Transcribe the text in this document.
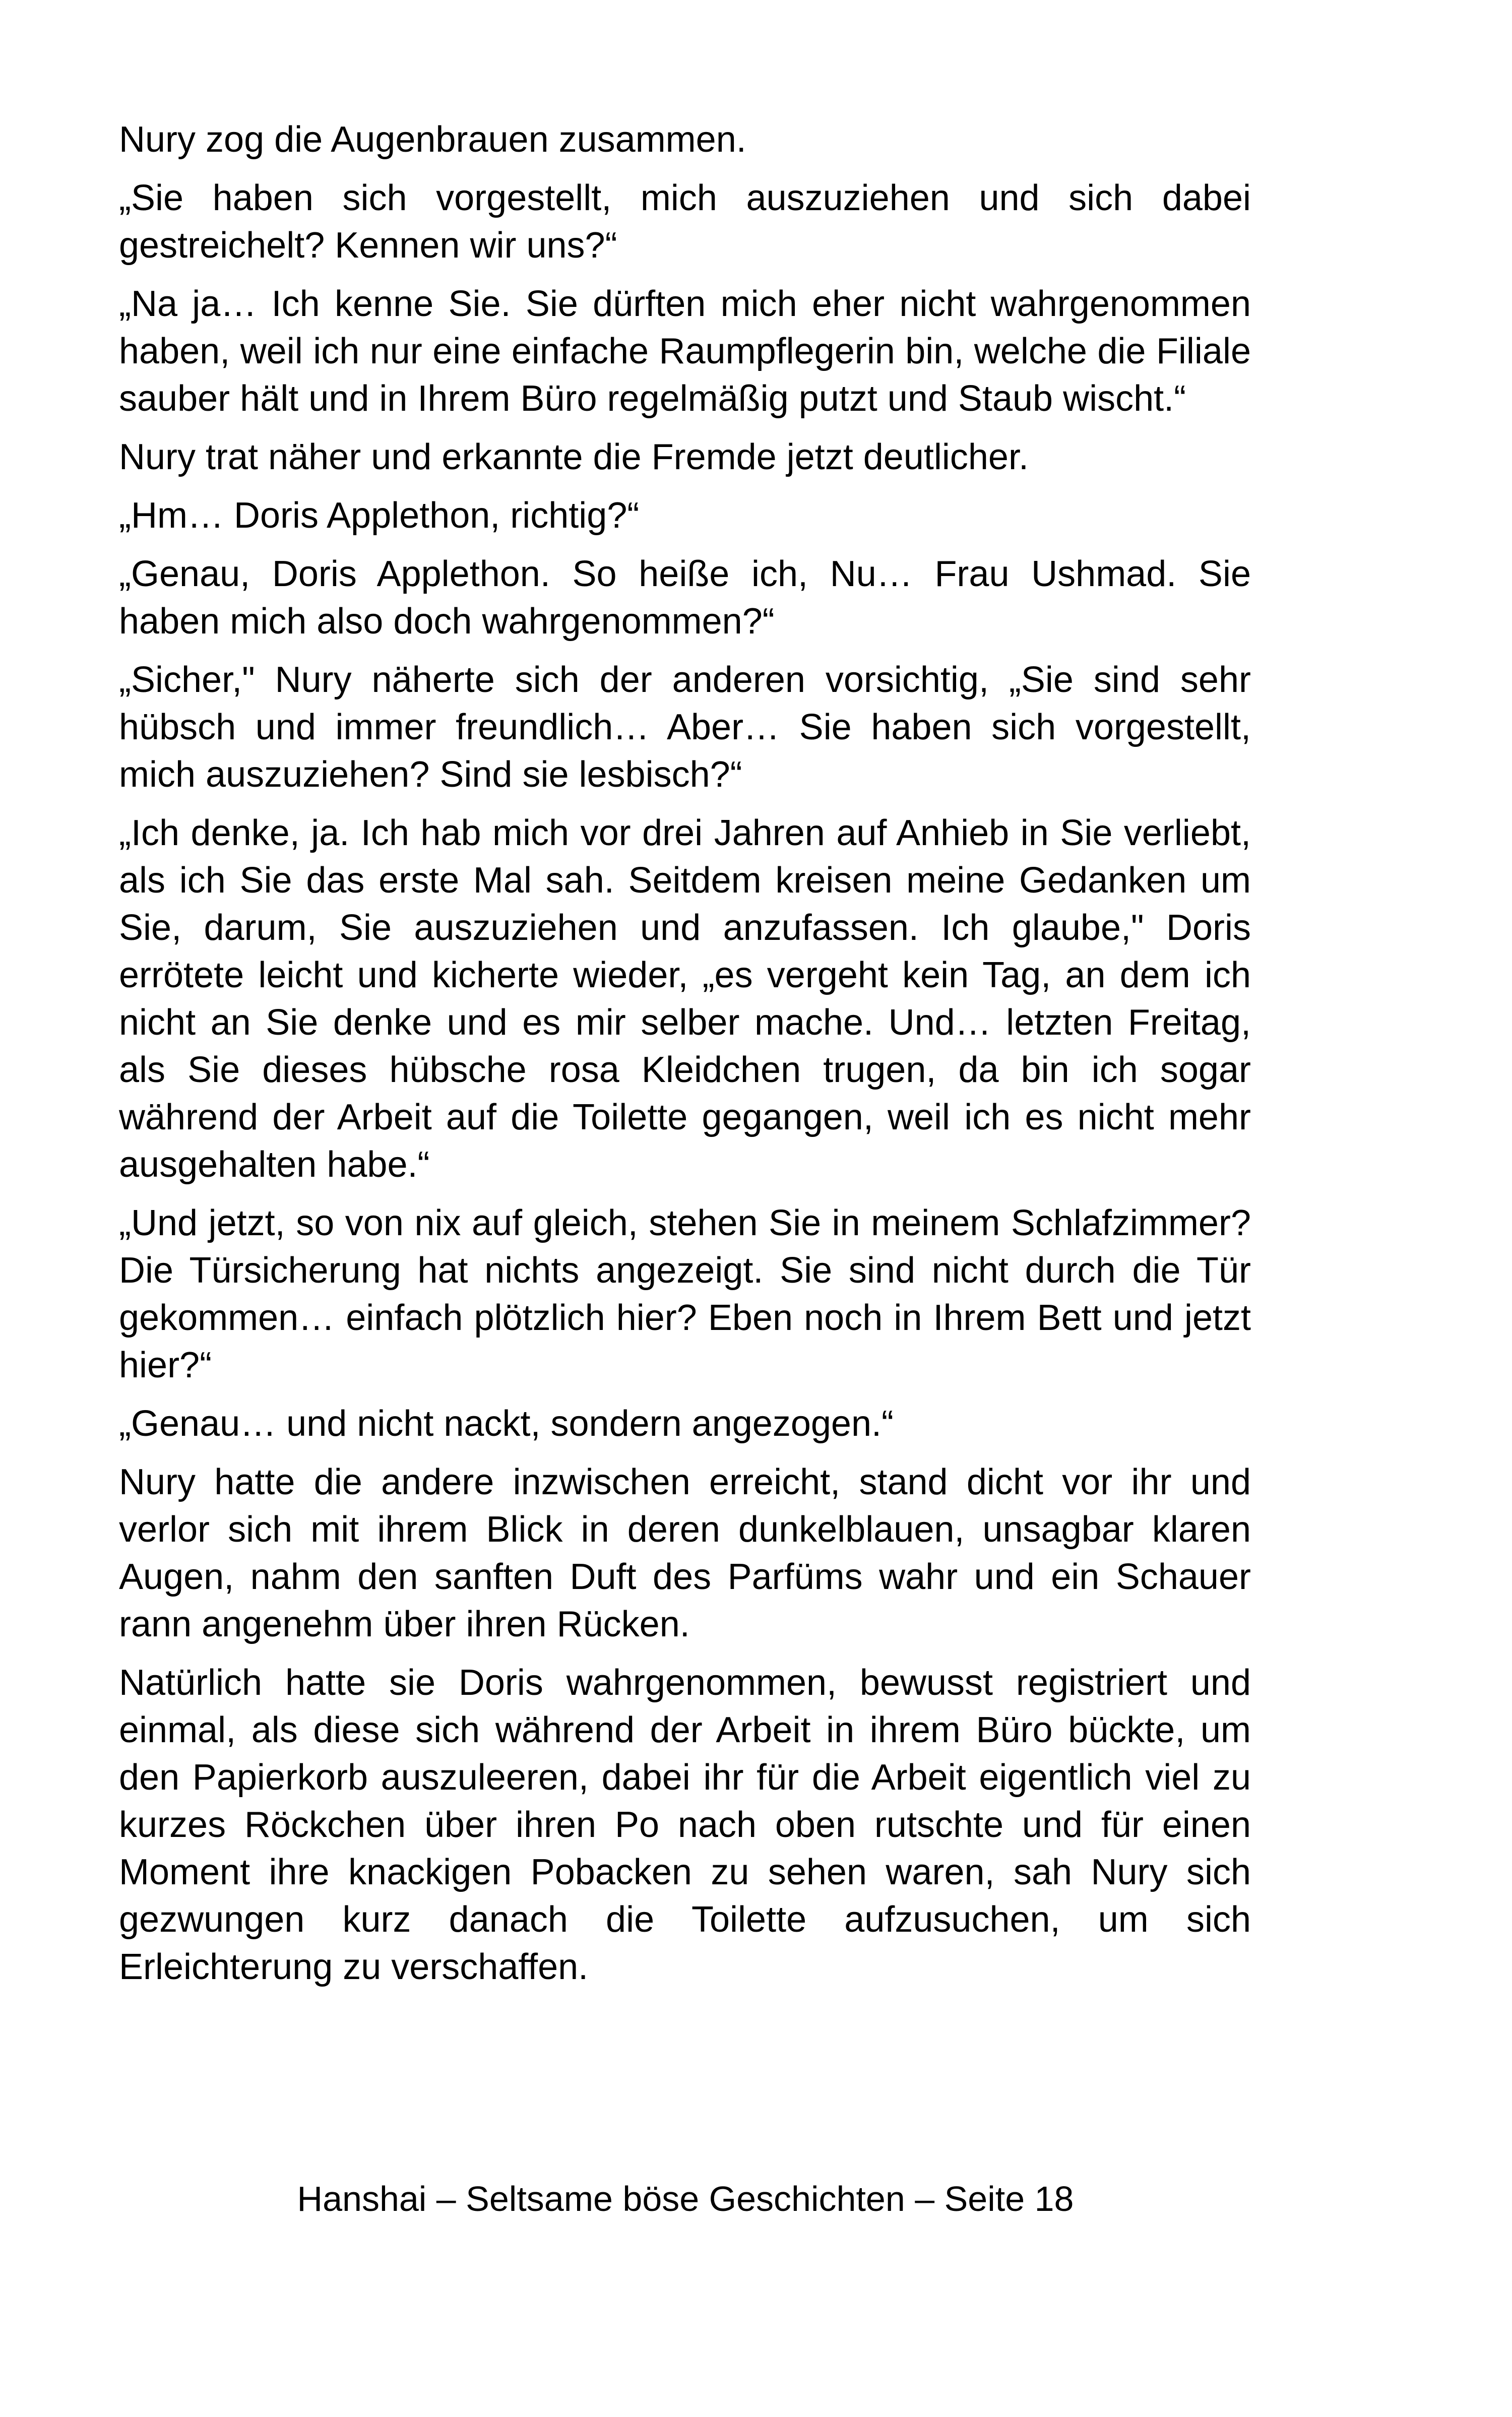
Nury zog die Augenbrauen zusammen.

„Sie haben sich vorgestellt, mich auszuziehen und sich dabei gestreichelt? Kennen wir uns?“

„Na ja… Ich kenne Sie. Sie dürften mich eher nicht wahrgenommen haben, weil ich nur eine einfache Raumpflegerin bin, welche die Filiale sauber hält und in Ihrem Büro regelmäßig putzt und Staub wischt.“

Nury trat näher und erkannte die Fremde jetzt deutlicher.

„Hm… Doris Applethon, richtig?“

„Genau, Doris Applethon. So heiße ich, Nu… Frau Ushmad. Sie haben mich also doch wahrgenommen?“

„Sicher," Nury näherte sich der anderen vorsichtig, „Sie sind sehr hübsch und immer freundlich… Aber… Sie haben sich vorgestellt, mich auszuziehen? Sind sie lesbisch?“

„Ich denke, ja. Ich hab mich vor drei Jahren auf Anhieb in Sie verliebt, als ich Sie das erste Mal sah. Seitdem kreisen meine Gedanken um Sie, darum, Sie auszuziehen und anzufassen. Ich glaube," Doris errötete leicht und kicherte wieder, „es vergeht kein Tag, an dem ich nicht an Sie denke und es mir selber mache. Und… letzten Freitag, als Sie dieses hübsche rosa Kleidchen trugen, da bin ich sogar während der Arbeit auf die Toilette gegangen, weil ich es nicht mehr ausgehalten habe.“

„Und jetzt, so von nix auf gleich, stehen Sie in meinem Schlafzimmer? Die Türsicherung hat nichts angezeigt. Sie sind nicht durch die Tür gekommen… einfach plötzlich hier? Eben noch in Ihrem Bett und jetzt hier?“

„Genau… und nicht nackt, sondern angezogen.“

Nury hatte die andere inzwischen erreicht, stand dicht vor ihr und verlor sich mit ihrem Blick in deren dunkelblauen, unsagbar klaren Augen, nahm den sanften Duft des Parfüms wahr und ein Schauer rann angenehm über ihren Rücken.

Natürlich hatte sie Doris wahrgenommen, bewusst registriert und einmal, als diese sich während der Arbeit in ihrem Büro bückte, um den Papierkorb auszuleeren, dabei ihr für die Arbeit eigentlich viel zu kurzes Röckchen über ihren Po nach oben rutschte und für einen Moment ihre knackigen Pobacken zu sehen waren, sah Nury sich gezwungen kurz danach die Toilette aufzusuchen, um sich Erleichterung zu verschaffen.

Hanshai – Seltsame böse Geschichten – Seite 18
